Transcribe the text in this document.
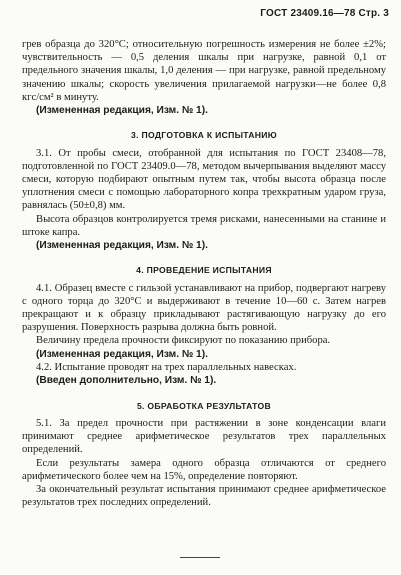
ГОСТ 23409.16—78 Стр. 3

грев образца до 320°С; относительную погрешность измерения не более ±2%; чувствительность — 0,5 деления шкалы при нагрузке, равной 0,1 от предельного значения шкалы, 1,0 деления — при нагрузке, равной предельному значению шкалы; скорость увеличения прилагаемой нагрузки—не более 0,8 кгс/см² в минуту.

(Измененная редакция, Изм. № 1).
3. ПОДГОТОВКА К ИСПЫТАНИЮ

3.1. От пробы смеси, отобранной для испытания по ГОСТ 23408—78, подготовленной по ГОСТ 23409.0—78, методом вычерпывания выделяют массу смеси, которую подбирают опытным путем так, чтобы высота образца после уплотнения смеси с помощью лабораторного копра трехкратным ударом груза, равнялась (50±0,8) мм.

Высота образцов контролируется тремя рисками, нанесенными на станине и штоке капра.

(Измененная редакция, Изм. № 1).
4. ПРОВЕДЕНИЕ ИСПЫТАНИЯ

4.1. Образец вместе с гильзой устанавливают на прибор, подвергают нагреву с одного торца до 320°С и выдерживают в течение 10—60 с. Затем нагрев прекращают и к образцу прикладывают растягивающую нагрузку до его разрушения. Поверхность разрыва должна быть ровной.

Величину предела прочности фиксируют по показанию прибора.

(Измененная редакция, Изм. № 1).

4.2. Испытание проводят на трех параллельных навесках.

(Введен дополнительно, Изм. № 1).
5. ОБРАБОТКА РЕЗУЛЬТАТОВ

5.1. За предел прочности при растяжении в зоне конденсации влаги принимают среднее арифметическое результатов трех параллельных определений.

Если результаты замера одного образца отличаются от среднего арифметического более чем на 15%, определение повторяют.

За окончательный результат испытания принимают среднее арифметическое результатов трех последних определений.
